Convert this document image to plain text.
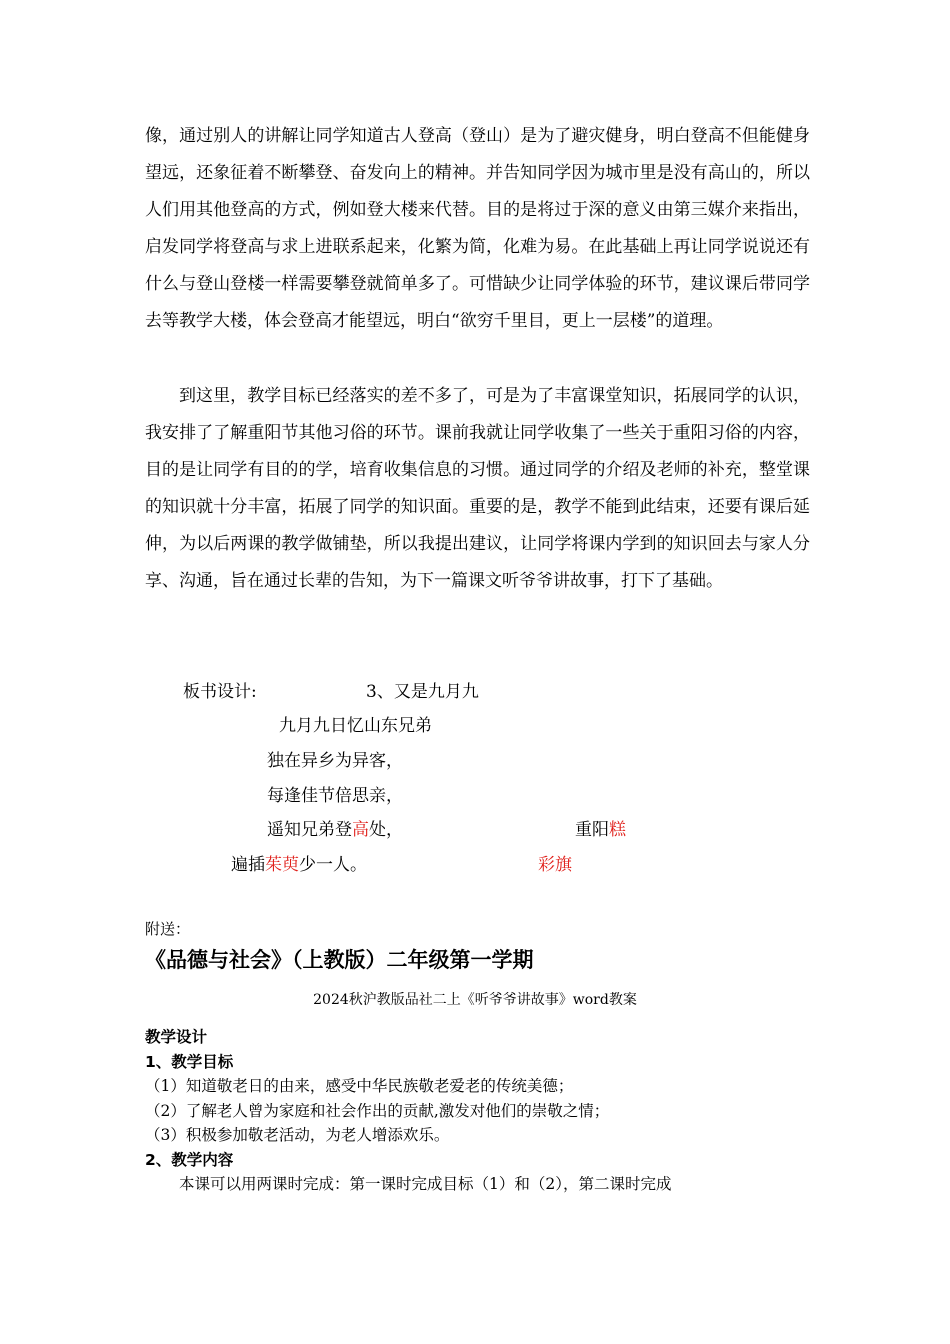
像，通过别人的讲解让同学知道古人登高（登山）是为了避灾健身，明白登高不但能健身望远，还象征着不断攀登、奋发向上的精神。并告知同学因为城市里是没有高山的，所以人们用其他登高的方式，例如登大楼来代替。目的是将过于深的意义由第三媒介来指出，启发同学将登高与求上进联系起来，化繁为简，化难为易。在此基础上再让同学说说还有什么与登山登楼一样需要攀登就简单多了。可惜缺少让同学体验的环节，建议课后带同学去等教学大楼，体会登高才能望远，明白“欲穷千里目，更上一层楼”的道理。

到这里，教学目标已经落实的差不多了，可是为了丰富课堂知识，拓展同学的认识，我安排了了解重阳节其他习俗的环节。课前我就让同学收集了一些关于重阳习俗的内容，目的是让同学有目的的学，培育收集信息的习惯。通过同学的介绍及老师的补充，整堂课的知识就十分丰富，拓展了同学的知识面。重要的是，教学不能到此结束，还要有课后延伸，为以后两课的教学做铺垫，所以我提出建议，让同学将课内学到的知识回去与家人分享、沟通，旨在通过长辈的告知，为下一篇课文听爷爷讲故事，打下了基础。

板书设计:	3、又是九月九

九月九日忆山东兄弟

独在异乡为异客，

每逢佳节倍思亲，

遥知兄弟登高处，

遍插茱萸少一人。

重阳糕

彩旗

附送：

《品德与社会》（上教版）二年级第一学期

2024秋沪教版品社二上《听爷爷讲故事》word教案

教学设计
1、教学目标
（1）知道敬老日的由来，感受中华民族敬老爱老的传统美德；
（2）了解老人曾为家庭和社会作出的贡献,激发对他们的崇敬之情；
（3）积极参加敬老活动，为老人增添欢乐。
2、教学内容
本课可以用两课时完成：第一课时完成目标（1）和（2），第二课时完成
